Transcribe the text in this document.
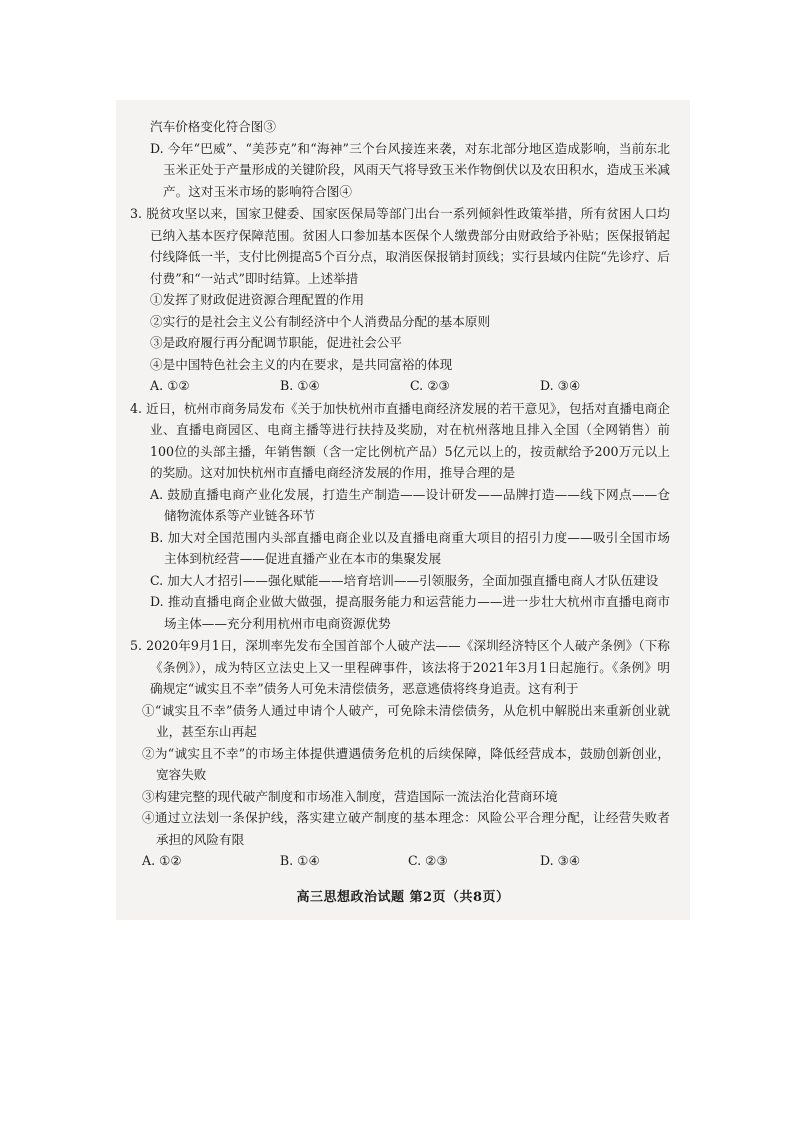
汽车价格变化符合图③

D. 今年“巴威”、“美莎克”和“海神”三个台风接连来袭，对东北部分地区造成影响，当前东北玉米正处于产量形成的关键阶段，风雨天气将导致玉米作物倒伏以及农田积水，造成玉米减产。这对玉米市场的影响符合图④

3. 脱贫攻坚以来，国家卫健委、国家医保局等部门出台一系列倾斜性政策举措，所有贫困人口均已纳入基本医疗保障范围。贫困人口参加基本医保个人缴费部分由财政给予补贴；医保报销起付线降低一半，支付比例提高5个百分点，取消医保报销封顶线；实行县域内住院“先诊疗、后付费”和“一站式”即时结算。上述举措

①发挥了财政促进资源合理配置的作用

②实行的是社会主义公有制经济中个人消费品分配的基本原则

③是政府履行再分配调节职能，促进社会公平

④是中国特色社会主义的内在要求，是共同富裕的体现

A. ①②	B. ①④	C. ②③	D. ③④

4. 近日，杭州市商务局发布《关于加快杭州市直播电商经济发展的若干意见》，包括对直播电商企业、直播电商园区、电商主播等进行扶持及奖励，对在杭州落地且排入全国（全网销售）前100位的头部主播，年销售额（含一定比例杭产品）5亿元以上的，按贡献给予200万元以上的奖励。这对加快杭州市直播电商经济发展的作用，推导合理的是

A. 鼓励直播电商产业化发展，打造生产制造——设计研发——品牌打造——线下网点——仓储物流体系等产业链各环节

B. 加大对全国范围内头部直播电商企业以及直播电商重大项目的招引力度——吸引全国市场主体到杭经营——促进直播产业在本市的集聚发展

C. 加大人才招引——强化赋能——培育培训——引领服务，全面加强直播电商人才队伍建设

D. 推动直播电商企业做大做强，提高服务能力和运营能力——进一步壮大杭州市直播电商市场主体——充分利用杭州市电商资源优势

5. 2020年9月1日，深圳率先发布全国首部个人破产法——《深圳经济特区个人破产条例》（下称《条例》），成为特区立法史上又一里程碑事件，该法将于2021年3月1日起施行。《条例》明确规定“诚实且不幸”债务人可免未清偿债务，恶意逃债将终身追责。这有利于

①“诚实且不幸”债务人通过申请个人破产，可免除未清偿债务，从危机中解脱出来重新创业就业，甚至东山再起

②为“诚实且不幸”的市场主体提供遭遇债务危机的后续保障，降低经营成本，鼓励创新创业，宽容失败

③构建完整的现代破产制度和市场准入制度，营造国际一流法治化营商环境

④通过立法划一条保护线，落实建立破产制度的基本理念：风险公平合理分配，让经营失败者承担的风险有限

A. ①②	B. ①④	C. ②③	D. ③④
高三思想政治试题 第2页（共8页）
